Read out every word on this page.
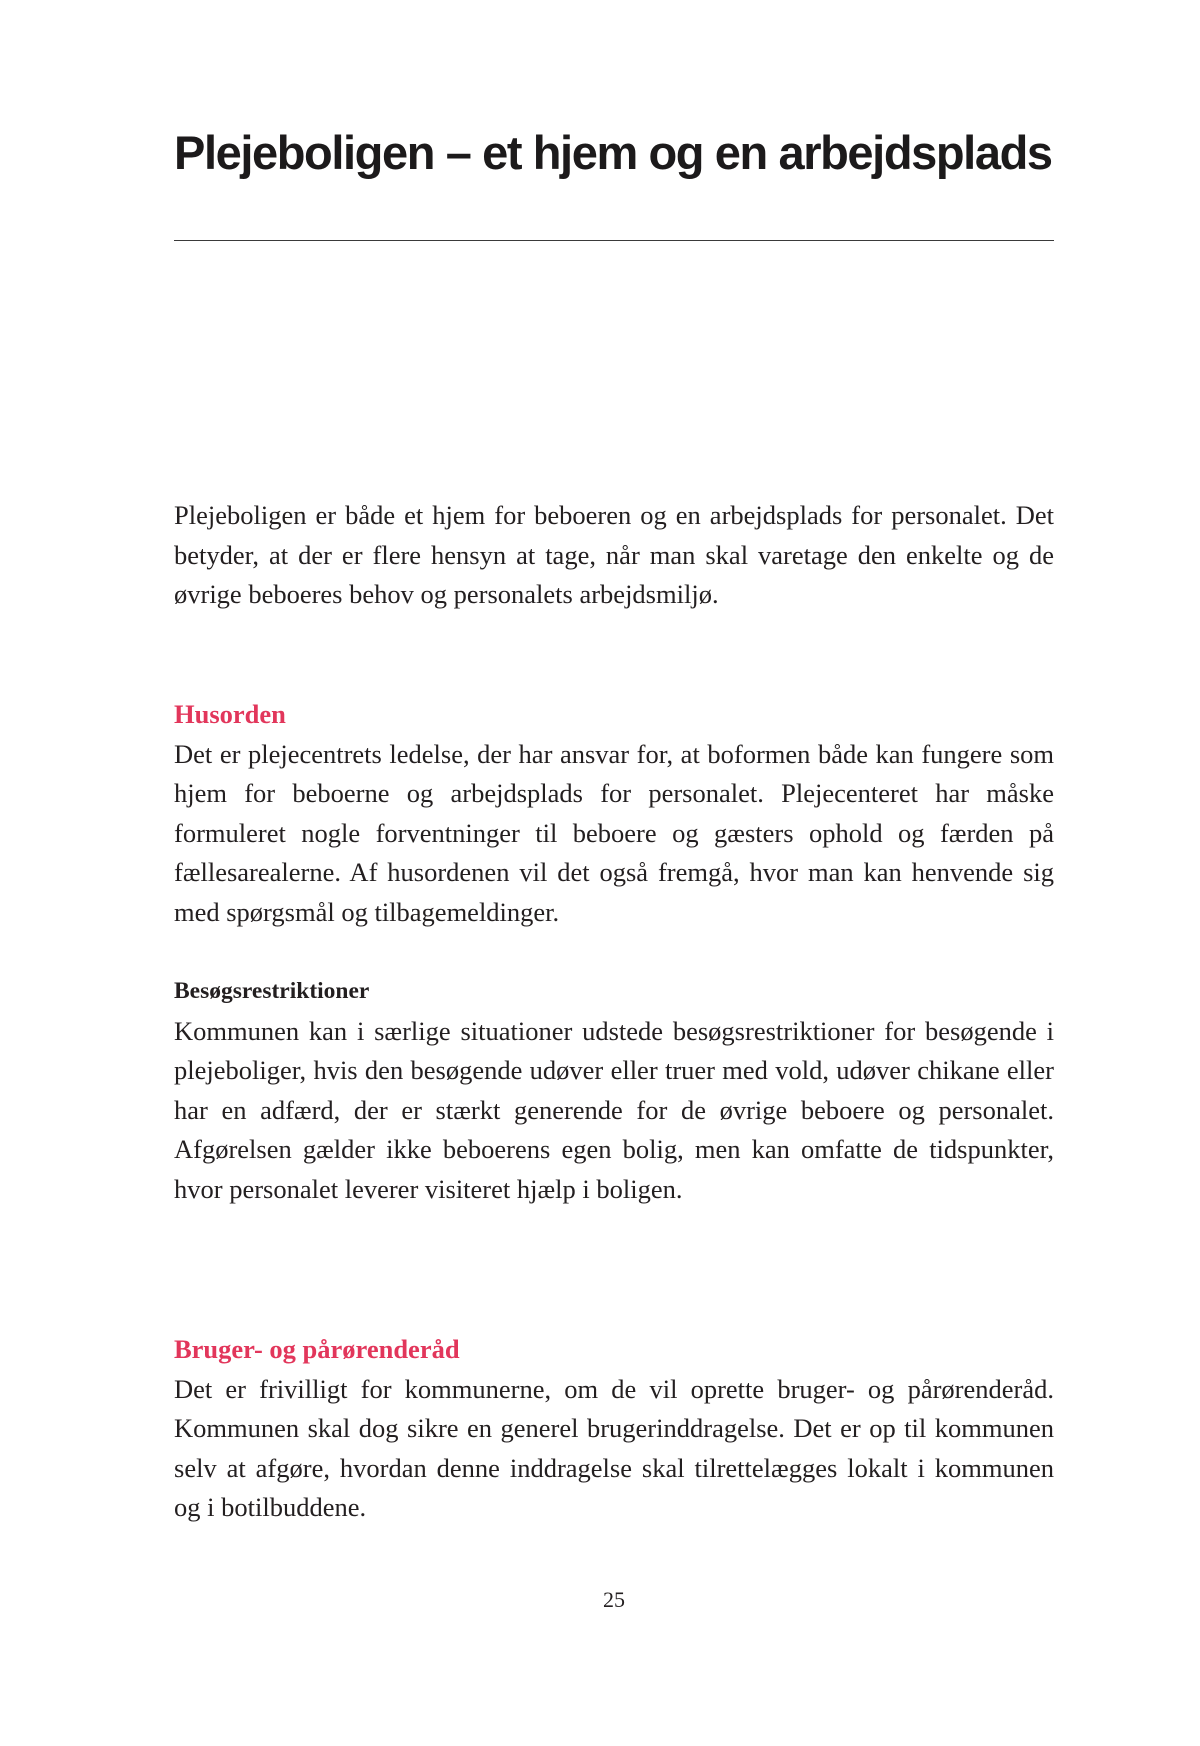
Plejeboligen – et hjem og en arbejdsplads

Plejeboligen er både et hjem for beboeren og en arbejdsplads for personalet. Det betyder, at der er flere hensyn at tage, når man skal varetage den enkelte og de øvrige beboeres behov og personalets arbejdsmiljø.

Husorden

Det er plejecentrets ledelse, der har ansvar for, at boformen både kan fungere som hjem for beboerne og arbejdsplads for personalet. Plejecenteret har måske formuleret nogle forventninger til beboere og gæsters ophold og færden på fællesarealerne. Af husordenen vil det også fremgå, hvor man kan henvende sig med spørgsmål og tilbagemeldinger.

Besøgsrestriktioner

Kommunen kan i særlige situationer udstede besøgsrestriktioner for besøgende i plejeboliger, hvis den besøgende udøver eller truer med vold, udøver chikane eller har en adfærd, der er stærkt generende for de øvrige beboere og personalet. Afgørelsen gælder ikke beboerens egen bolig, men kan omfatte de tidspunkter, hvor personalet leverer visiteret hjælp i boligen.

Bruger- og pårørenderåd

Det er frivilligt for kommunerne, om de vil oprette bruger- og pårørenderåd. Kommunen skal dog sikre en generel brugerinddragelse. Det er op til kommunen selv at afgøre, hvordan denne inddragelse skal tilrettelægges lokalt i kommunen og i botilbuddene.

25
